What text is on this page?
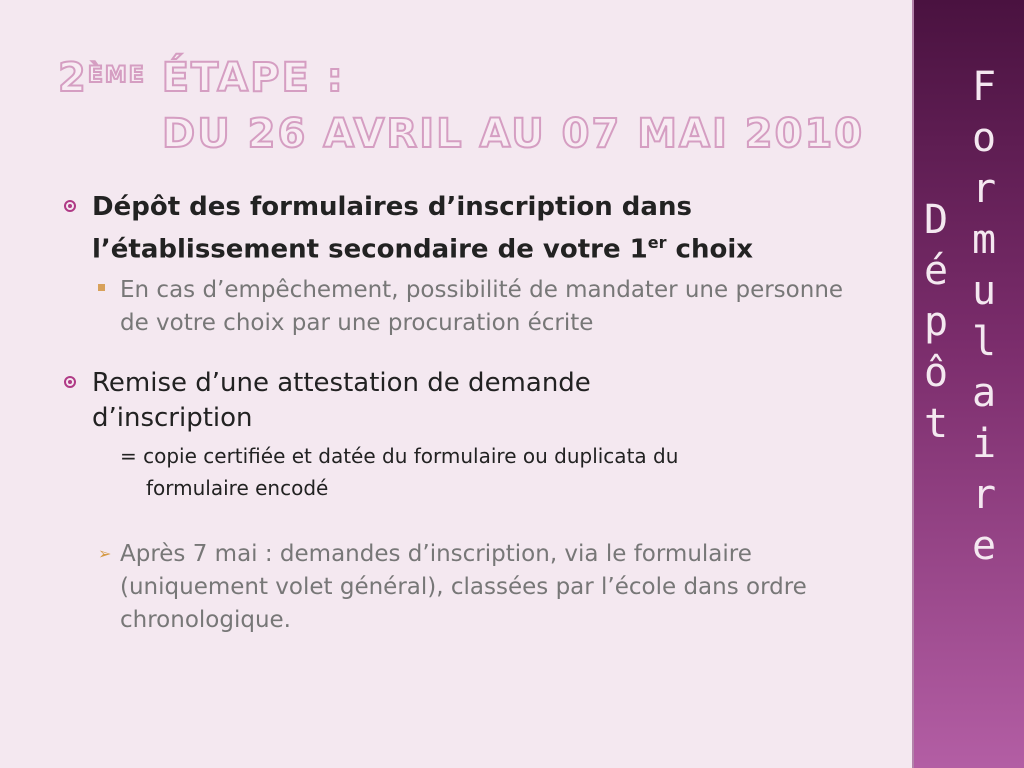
2ÈME ÉTAPE :
DU 26 AVRIL AU 07 MAI 2010
Dépôt des formulaires d’inscription dans
l’établissement secondaire de votre 1er choix
En cas d’empêchement, possibilité de mandater une personne de votre choix par une procuration écrite
Remise d’une attestation de demande d’inscription
= copie certifiée et datée du formulaire ou duplicata du
formulaire encodé
➢ Après 7 mai : demandes d’inscription, via le formulaire (uniquement volet général), classées par l’école dans ordre chronologique.
D
é
p
ô
t
F
o
r
m
u
l
a
i
r
e
